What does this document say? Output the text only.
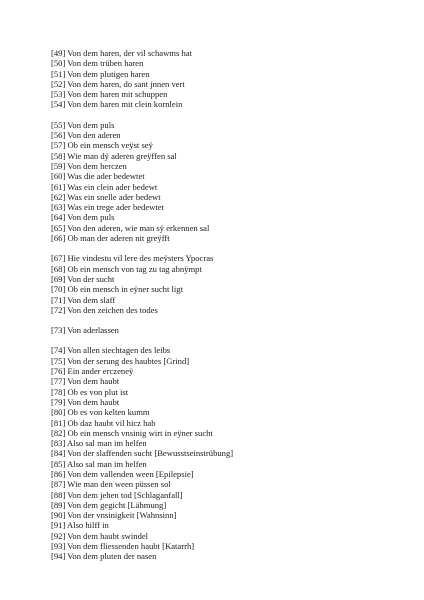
[49] Von dem haren, der vil schawms hat
[50] Von dem trüben haren
[51] Von dem plutigen haren
[52] Von dem haren, do sant jnnen vert
[53] Von dem haren mit schuppen
[54] Von dem haren mit clein kornlein
[55] Von dem puls
[56] Von den aderen
[57] Ob ein mensch veÿst seÿ
[58] Wie man dÿ aderen greÿffen sal
[59] Von dem herczen
[60] Was die ader bedewtet
[61] Was ein clein ader bedewt
[62] Was ein snelle ader bedewt
[63] Was ein trege ader bedewtet
[64] Von dem puls
[65] Von den aderen, wie man sÿ erkennen sal
[66] Ob man der aderen nit greÿfft
[67] Hie vindestu vil lere des meÿsters Ypocras
[68] Ob ein mensch von tag zu tag abnÿmpt
[69] Von der sucht
[70] Ob ein mensch in eÿner sucht ligt
[71] Von dem slaff
[72] Von den zeichen des todes
[73] Von aderlassen
[74] Von allen siechtagen des leibs
[75] Von der serung des haubtes [Grind]
[76] Ein ander erczeneÿ
[77] Von dem haubt
[78] Ob es von plut ist
[79] Von dem haubt
[80] Ob es von kelten kumm
[81] Ob daz haubt vil hicz hab
[82] Ob ein mensch vnsinig wirt in eÿner sucht
[83] Also sal man im helfen
[84] Von der slaffenden sucht [Bewusstseinstrübung]
[85] Also sal man im helfen
[86] Von dem vallenden ween [Epilepsie]
[87] Wie man den ween püssen sol
[88] Von dem jehen tod [Schlaganfall]
[89] Von dem gegicht [Lähmung]
[90] Von der vnsinigkeit [Wahnsinn]
[91] Also hilff in
[92] Von dem haubt swindel
[93] Von dem fliessenden haubt [Katarrh]
[94] Von dem pluten der nasen
